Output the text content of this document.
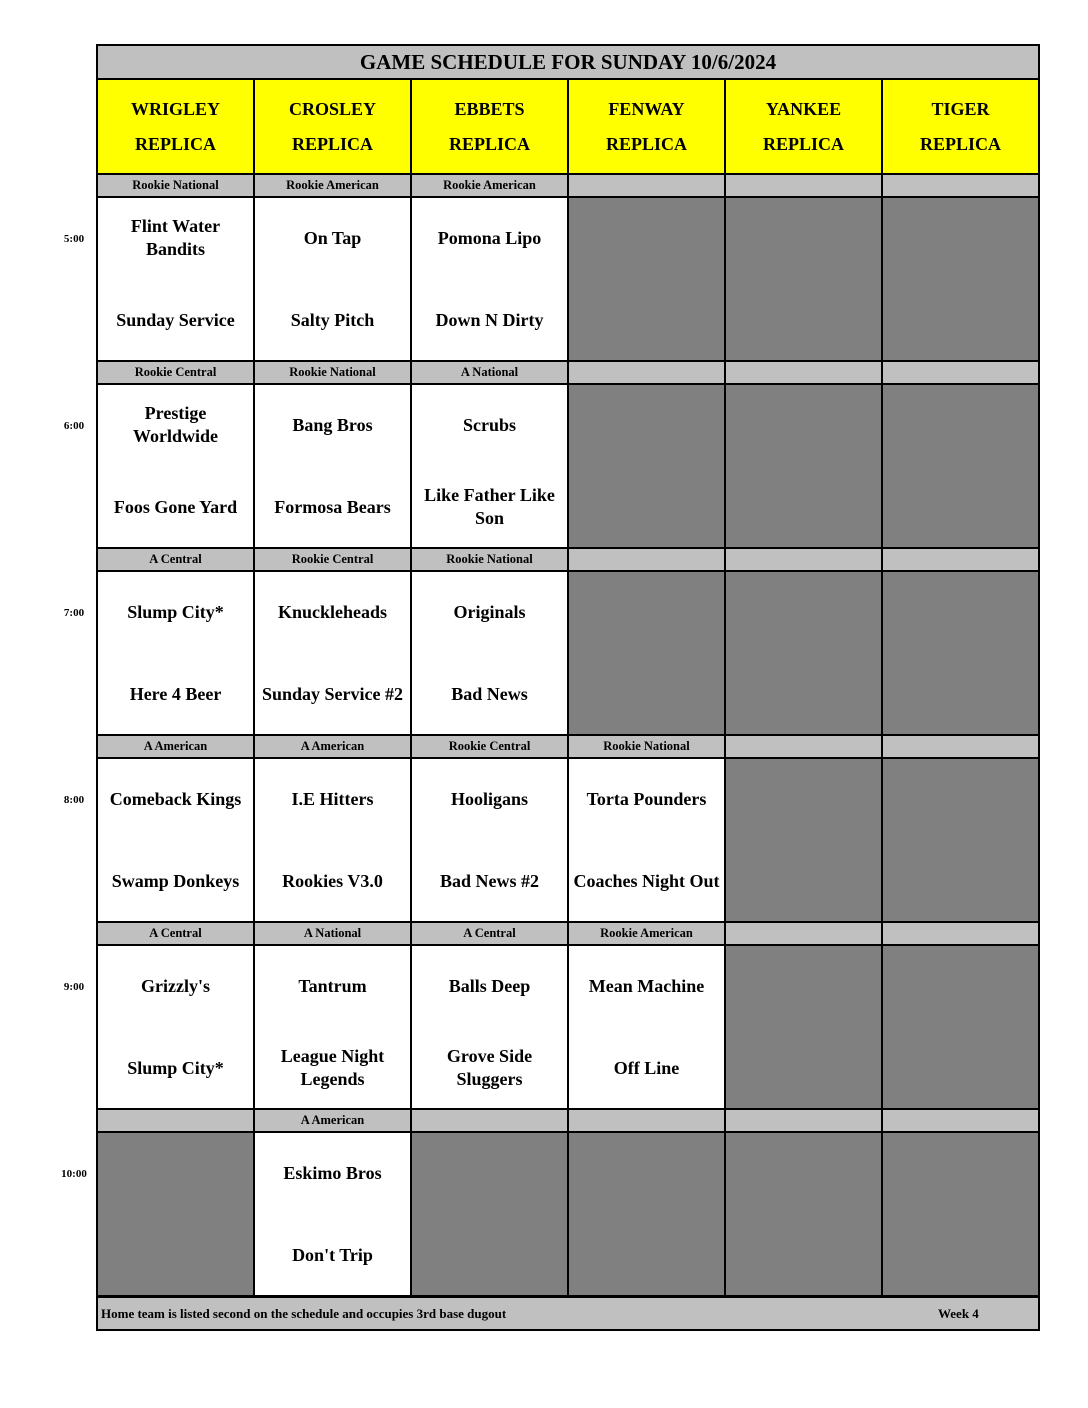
GAME SCHEDULE FOR SUNDAY 10/6/2024
Home team is listed second on the schedule and occupies 3rd base dugout	Week 4
WRIGLEY
REPLICA
CROSLEY
REPLICA
EBBETS
REPLICA
FENWAY
REPLICA
YANKEE
REPLICA
TIGER
REPLICA
Rookie National
Flint Water Bandits
Sunday Service
Rookie American
On Tap
Salty Pitch
Rookie American
Pomona Lipo
Down N Dirty
Rookie Central
Prestige Worldwide
Foos Gone Yard
Rookie National
Bang Bros
Formosa Bears
A National
Scrubs
Like Father Like Son
A Central
Slump City*
Here 4 Beer
Rookie Central
Knuckleheads
Sunday Service #2
Rookie National
Originals
Bad News
A American
Comeback Kings
Swamp Donkeys
A American
I.E Hitters
Rookies V3.0
Rookie Central
Hooligans
Bad News #2
Rookie National
Torta Pounders
Coaches Night Out
A Central
Grizzly's
Slump City*
A National
Tantrum
League Night Legends
A Central
Balls Deep
Grove Side Sluggers
Rookie American
Mean Machine
Off Line
A American
Eskimo Bros
Don't Trip
5:00
6:00
7:00
8:00
9:00
10:00
